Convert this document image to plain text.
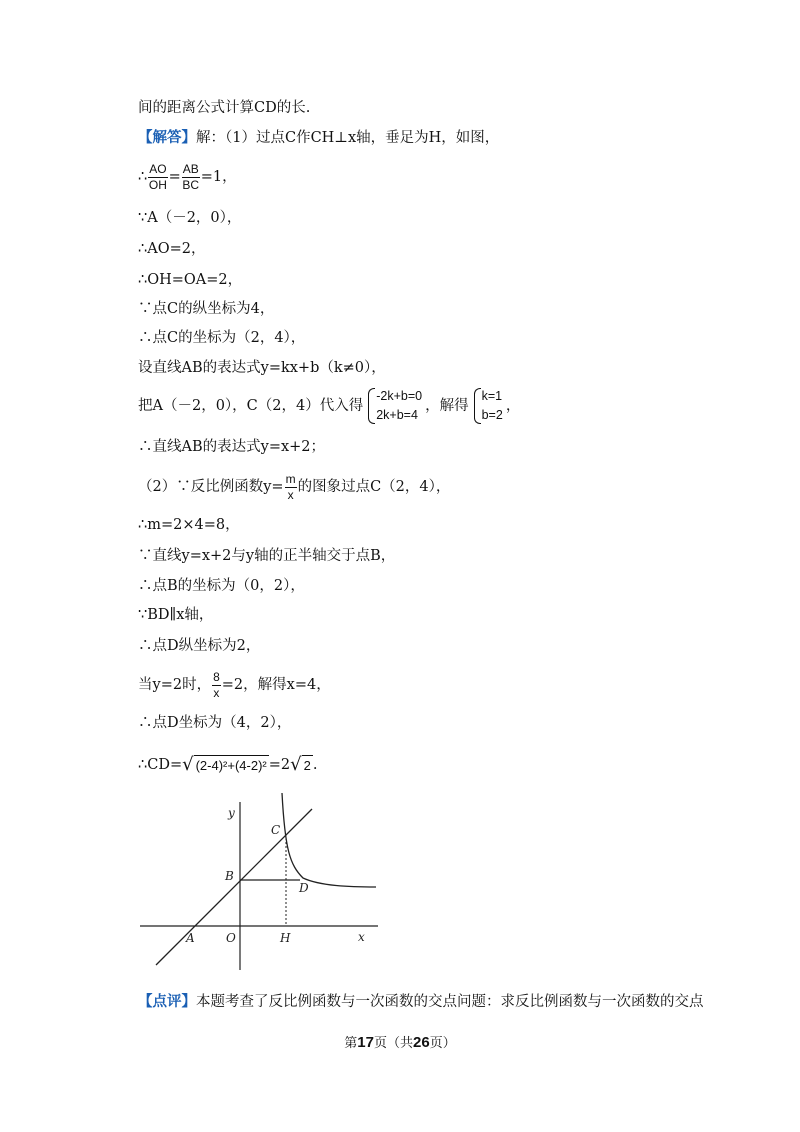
间的距离公式计算CD的长.
【解答】解：（1）过点C作CH⊥x轴，垂足为H，如图，
∴ $\frac{AO}{OH} = \frac{AB}{BC} =1$，
∵A（－2，0），
∴AO=2，
∴OH=OA=2，
∵点C的纵坐标为4，
∴点C的坐标为（2，4），
设直线AB的表达式y=kx+b（k≠0），
把A（－2，0），C（2，4）代入得
-2k+b=0
2k+b=4
，解得
k=1
b=2
，
∴直线AB的表达式y=x+2；
（2）∵反比例函数$y= \frac{m}{x}$ 的图象过点C（2，4），
∴m=2×4=8，
∵直线y=x+2与y轴的正半轴交于点B，
∴点B的坐标为（0，2），
∵BD∥x轴，
∴点D纵坐标为2，
当y=2时， $\frac{8}{x} =2$，解得x=4，
∴点D坐标为（4，2），
∴CD= √ (2-4)²+(4-2)² =2 √ 2 .
y
x
A	O	H
B
C
D
【点评】本题考查了反比例函数与一次函数的交点问题：求反比例函数与一次函数的交点
第17页（共26页）
